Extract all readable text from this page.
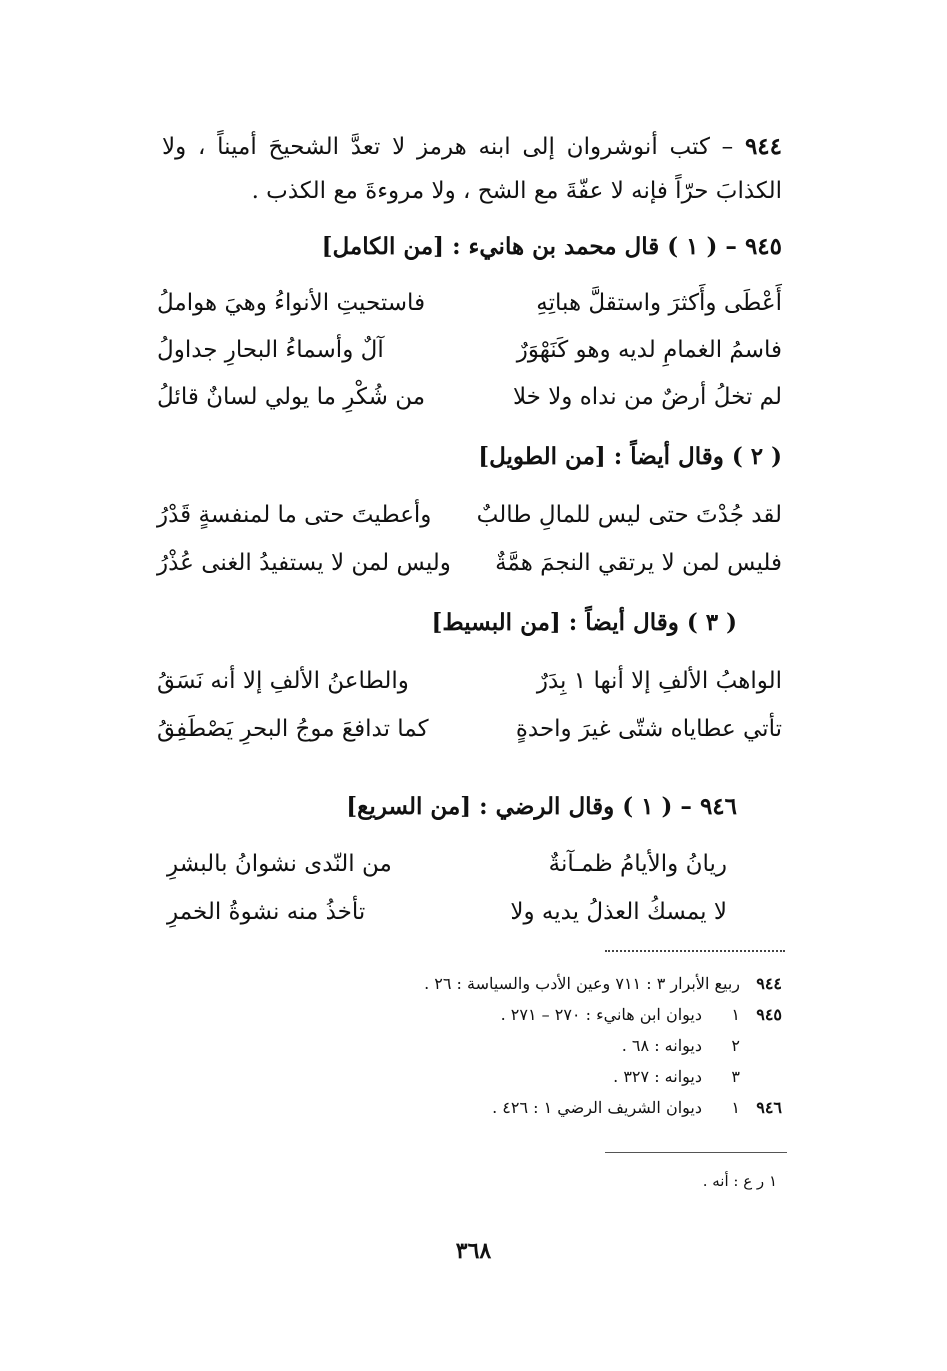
٩٤٤ – كتب أنوشروان إلى ابنه هرمز لا تعدَّ الشحيحَ أميناً ، ولا الكذابَ حرّاً فإنه لا عفّةَ مع الشح ، ولا مروءةَ مع الكذب .
٩٤٥ – ( ١ ) قال محمد بن هانيء : [من الكامل]
أَعْطَى وأَكثرَ واستقلَّ هباتِهِ
فاستحيتِ الأنواءُ وهيَ هواملُ
فاسمُ الغمامِ لديه وهو كَنَهْوَرٌ
آلٌ وأسماءُ البحارِ جداولُ
لم تخلُ أرضٌ من نداه ولا خلا
من شُكْرِ ما يولي لسانٌ قائلُ
( ٢ ) وقال أيضاً : [من الطويل]
لقد جُدْتَ حتى ليس للمالِ طالبٌ
وأعطيتَ حتى ما لمنفسةٍ قَدْرُ
فليس لمن لا يرتقي النجمَ همَّةٌ
وليس لمن لا يستفيدُ الغنى عُذْرُ
( ٣ ) وقال أيضاً : [من البسيط]
الواهبُ الألفِ إلا أنها ١ بِدَرٌ
والطاعنُ الألفِ إلا أنه نَسَقُ
تأتي عطاياه شتّى غيرَ واحدةٍ
كما تدافعَ موجُ البحرِ يَصْطَفِقُ
٩٤٦ – ( ١ ) وقال الرضي : [من السريع]
ريانُ والأيامُ ظمـآنةٌ
من النّدى نشوانُ بالبشرِ
لا يمسكُ العذلُ يديه ولا
تأخذُ منه نشوةُ الخمرِ
٩٤٤ربيع الأبرار ٣ : ٧١١ وعين الأدب والسياسة : ٢٦ .
٩٤٥١ديوان ابن هانيء : ٢٧٠ – ٢٧١ .
٢ديوانه : ٦٨ .
٣ديوانه : ٣٢٧ .
٩٤٦١ديوان الشريف الرضي ١ : ٤٢٦ .
١ ر ع : أنه .
٣٦٨
